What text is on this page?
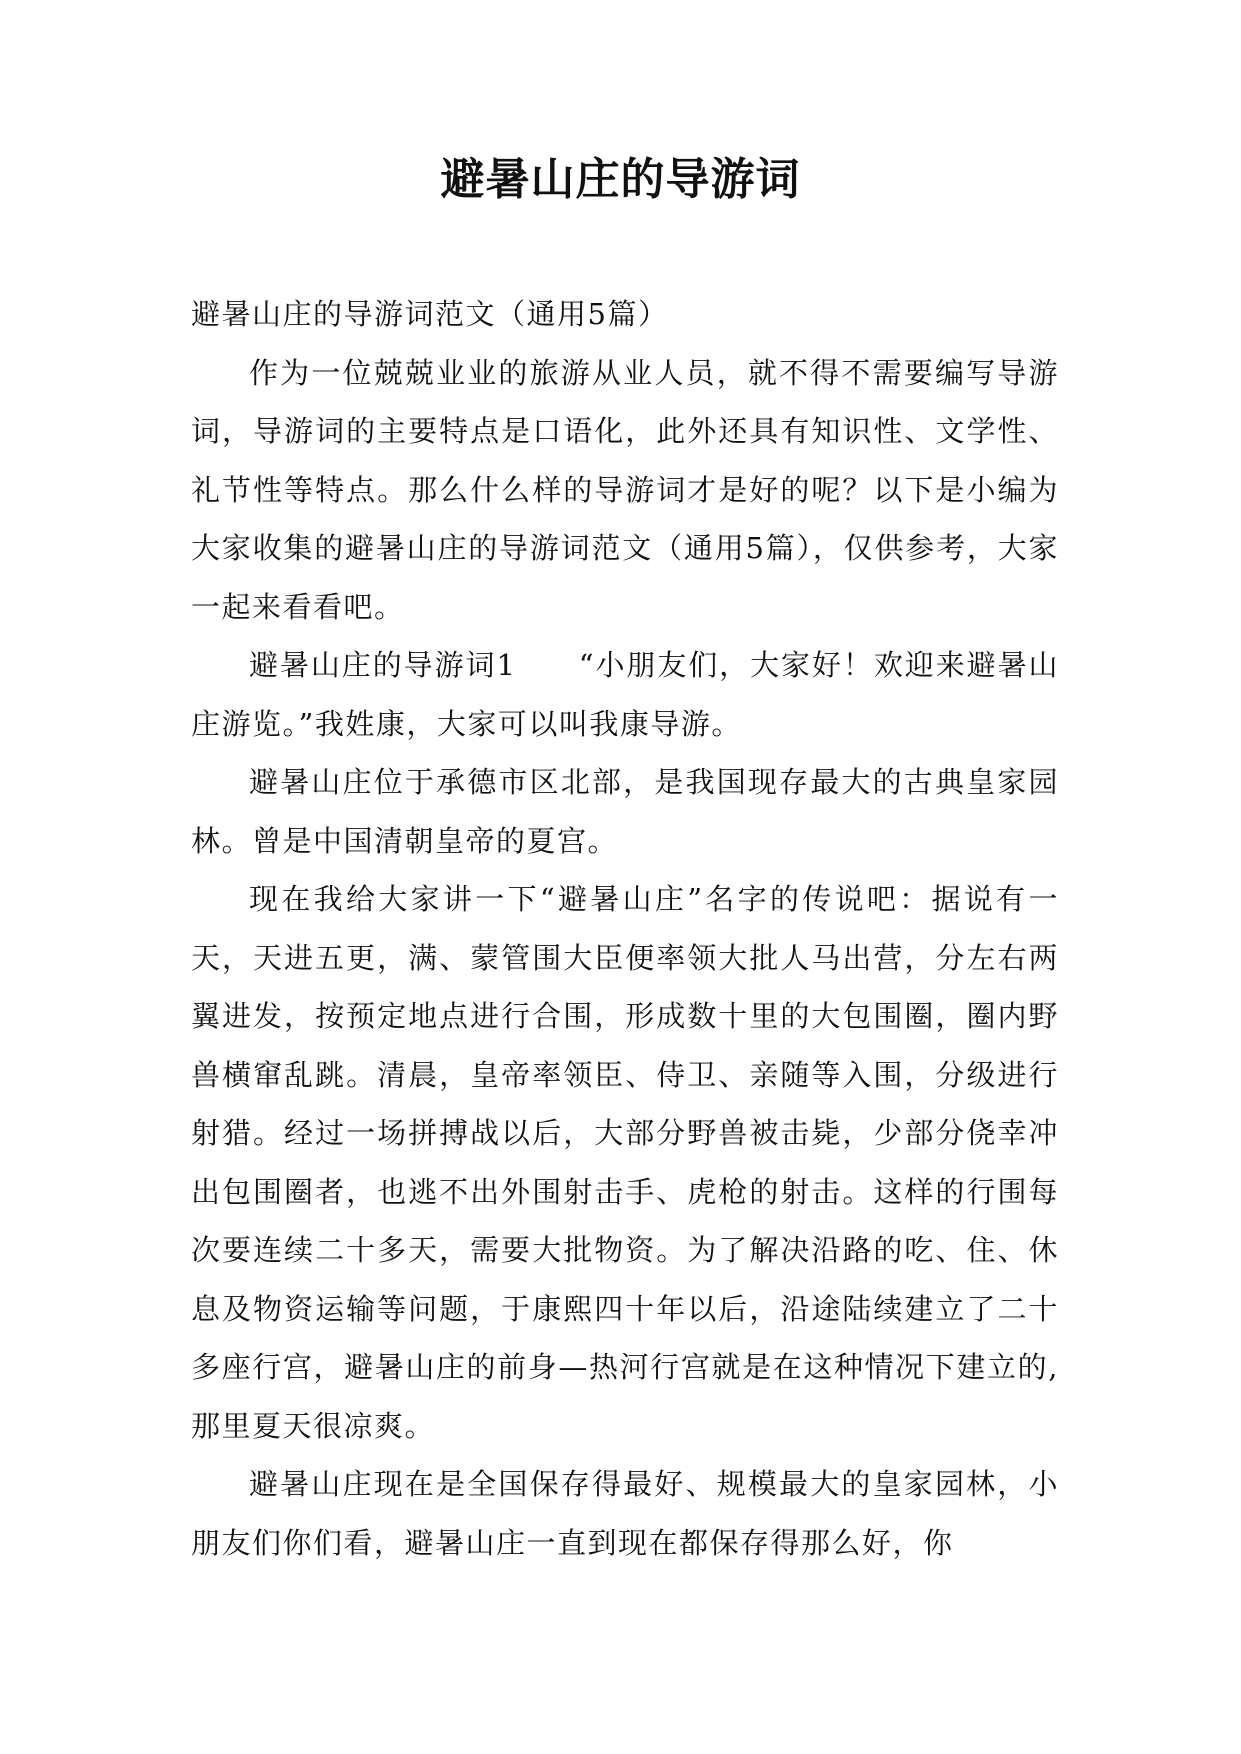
避暑山庄的导游词

避暑山庄的导游词范文（通用5篇）

作为一位兢兢业业的旅游从业人员，就不得不需要编写导游词，导游词的主要特点是口语化，此外还具有知识性、文学性、礼节性等特点。那么什么样的导游词才是好的呢？以下是小编为大家收集的避暑山庄的导游词范文（通用5篇），仅供参考，大家一起来看看吧。

避暑山庄的导游词1　　“小朋友们，大家好！欢迎来避暑山庄游览。”我姓康，大家可以叫我康导游。

避暑山庄位于承德市区北部，是我国现存最大的古典皇家园林。曾是中国清朝皇帝的夏宫。

现在我给大家讲一下“避暑山庄”名字的传说吧：据说有一天，天进五更，满、蒙管围大臣便率领大批人马出营，分左右两翼进发，按预定地点进行合围，形成数十里的大包围圈，圈内野兽横窜乱跳。清晨，皇帝率领臣、侍卫、亲随等入围，分级进行射猎。经过一场拼搏战以后，大部分野兽被击毙，少部分侥幸冲出包围圈者，也逃不出外围射击手、虎枪的射击。这样的行围每次要连续二十多天，需要大批物资。为了解决沿路的吃、住、休息及物资运输等问题，于康熙四十年以后，沿途陆续建立了二十多座行宫，避暑山庄的前身—热河行宫就是在这种情况下建立的,那里夏天很凉爽。

避暑山庄现在是全国保存得最好、规模最大的皇家园林，小朋友们你们看，避暑山庄一直到现在都保存得那么好，你
